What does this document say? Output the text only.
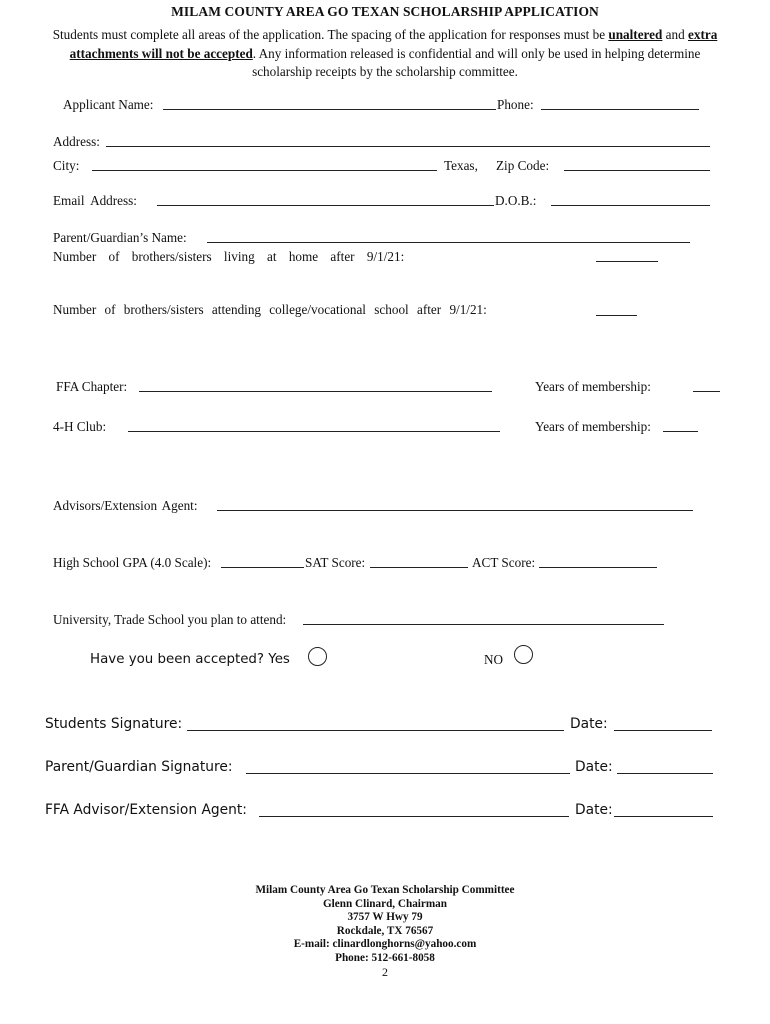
MILAM COUNTY AREA GO TEXAN SCHOLARSHIP APPLICATION
Students must complete all areas of the application. The spacing of the application for responses must be unaltered and extra attachments will not be accepted. Any information released is confidential and will only be used in helping determine scholarship receipts by the scholarship committee.
Applicant Name:	Phone:
Address:
City:	Texas, Zip Code:
Email Address:	D.O.B.:
Parent/Guardian’s Name:
Number of brothers/sisters living at home after 9/1/21:
Number of brothers/sisters attending college/vocational school after 9/1/21:
FFA Chapter:	Years of membership:
4-H Club:	Years of membership:
Advisors/Extension Agent:
High School GPA (4.0 Scale):	SAT Score:	ACT Score:
University, Trade School you plan to attend:
Have you been accepted? Yes	NO
Students Signature:	Date:
Parent/Guardian Signature:	Date:
FFA Advisor/Extension Agent:	Date:
Milam County Area Go Texan Scholarship Committee
Glenn Clinard, Chairman
3757 W Hwy 79
Rockdale, TX 76567
E-mail: clinardlonghorns@yahoo.com
Phone: 512-661-8058
2
